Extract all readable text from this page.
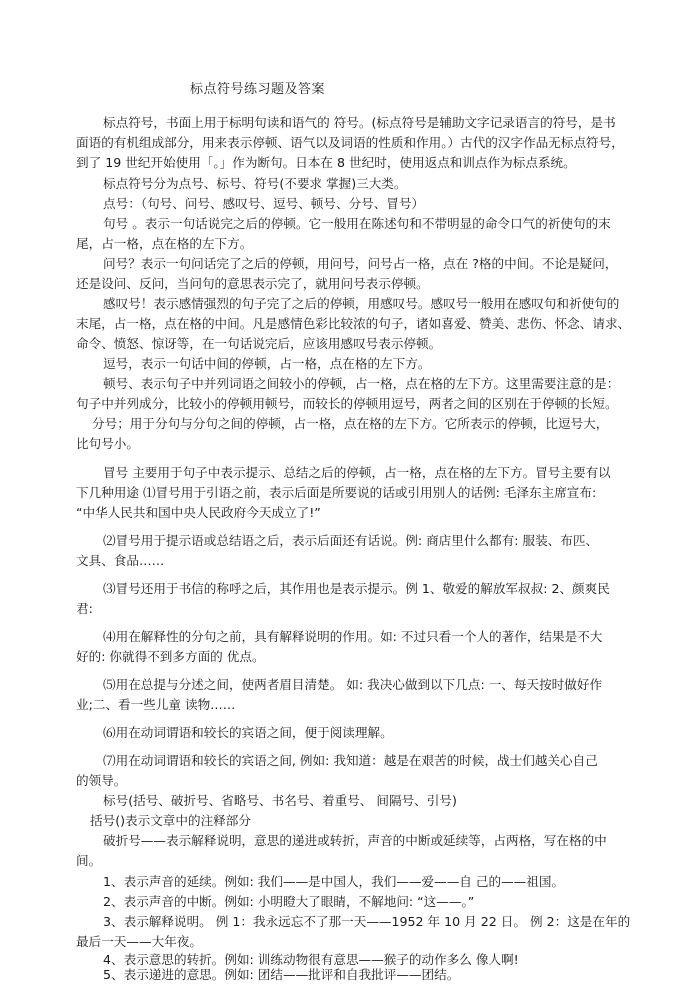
标点符号练习题及答案
标点符号，书面上用于标明句读和语气的 符号。(标点符号是辅助文字记录语言的符号，是书
面语的有机组成部分，用来表示停顿、语气以及词语的性质和作用。）古代的汉字作品无标点符号，
到了 19 世纪开始使用「。」作为断句。日本在 8 世纪时，使用返点和训点作为标点系统。
标点符号分为点号、标号、符号(不要求 掌握)三大类。
点号：（句号、问号、感叹号、逗号、顿号、分号、冒号）
句号 。表示一句话说完之后的停顿。它一般用在陈述句和不带明显的命令口气的祈使句的末
尾，占一格，点在格的左下方。
问号？表示一句问话完了之后的停顿，用问号，问号占一格，点在 ?格的中间。不论是疑问，
还是设问、反问，当问句的意思表示完了，就用问号表示停顿。
感叹号！表示感情强烈的句子完了之后的停顿，用感叹号。感叹号一般用在感叹句和祈使句的
末尾，占一格，点在格的中间。凡是感情色彩比较浓的句子，诸如喜爱、赞美、悲伤、怀念、请求、
命令、愤怒、惊讶等，在一句话说完后，应该用感叹号表示停顿。
逗号，表示一句话中间的停顿，占一格，点在格的左下方。
顿号、表示句子中并列词语之间较小的停顿，占一格，点在格的左下方。这里需要注意的是：
句子中并列成分，比较小的停顿用顿号，而较长的停顿用逗号，两者之间的区别在于停顿的长短。
分号；用于分句与分句之间的停顿，占一格，点在格的左下方。它所表示的停顿，比逗号大，
比句号小。
冒号 主要用于句子中表示提示、总结之后的停顿，占一格，点在格的左下方。冒号主要有以
下几种用途 ⑴冒号用于引语之前，表示后面是所要说的话或引用别人的话例: 毛泽东主席宣布:
“中华人民共和国中央人民政府今天成立了!”
⑵冒号用于提示语或总结语之后，表示后面还有话说。例: 商店里什么都有: 服装、布匹、
文具、食品……
⑶冒号还用于书信的称呼之后，其作用也是表示提示。例 1、敬爱的解放军叔叔: 2、颜爽民
君:
⑷用在解释性的分句之前，具有解释说明的作用。如: 不过只看一个人的著作，结果是不大
好的: 你就得不到多方面的 优点。
⑸用在总提与分述之间，使两者眉目清楚。 如: 我决心做到以下几点: 一、每天按时做好作
业;二、看一些儿童 读物……
⑹用在动词谓语和较长的宾语之间，便于阅读理解。
⑺用在动词谓语和较长的宾语之间, 例如: 我知道：越是在艰苦的时候，战士们越关心自己
的领导。
标号(括号、破折号、省略号、书名号、着重号、 间隔号、引号)
括号()表示文章中的注释部分
破折号——表示解释说明，意思的递进或转折，声音的中断或延续等，占两格，写在格的中
间。
1、表示声音的延续。例如: 我们——是中国人，我们——爱——自 己的——祖国。
2、表示声音的中断。例如: 小明瞪大了眼睛，不解地问: “这——。”
3、表示解释说明。 例 1：我永远忘不了那一天——1952 年 10 月 22 日。 例 2：这是在年的
最后一天——大年夜。
4、表示意思的转折。例如: 训练动物很有意思——猴子的动作多么 像人啊!
5、表示递进的意思。例如: 团结——批评和自我批评——团结。
